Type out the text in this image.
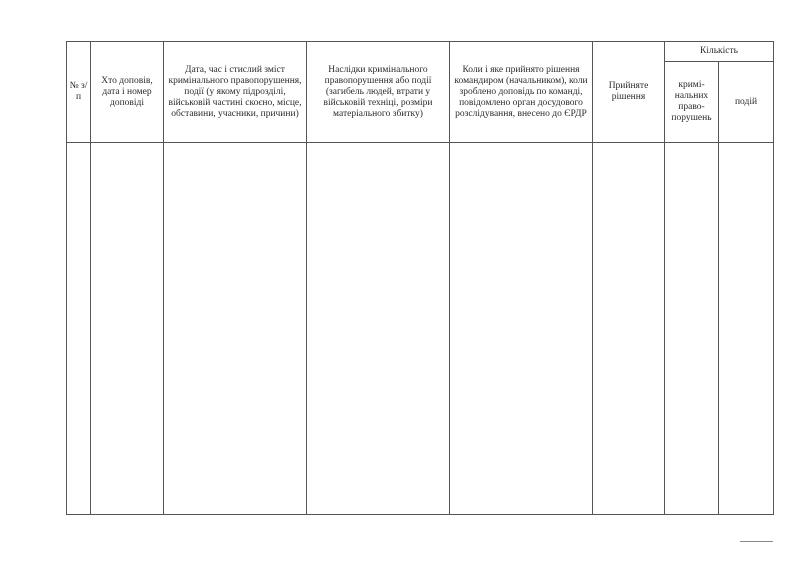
№ з/п	Хто доповів, дата і номер доповіді	Дата, час і стислий зміст кримінального правопорушення, події (у якому підрозділі, військовій частині скоєно, місце, обставини, учасники, причини)	Наслідки кримінального правопорушення або події (загибель людей, втрати у військовій техніці, розміри матеріального збитку)	Коли і яке прийнято рішення командиром (начальником), коли зроблено доповідь по команді, повідомлено орган досудового розслідування, внесено до ЄРДР	Прийняте рішення	Кількість	

						кримі-
нальних
право-
порушень	подій
